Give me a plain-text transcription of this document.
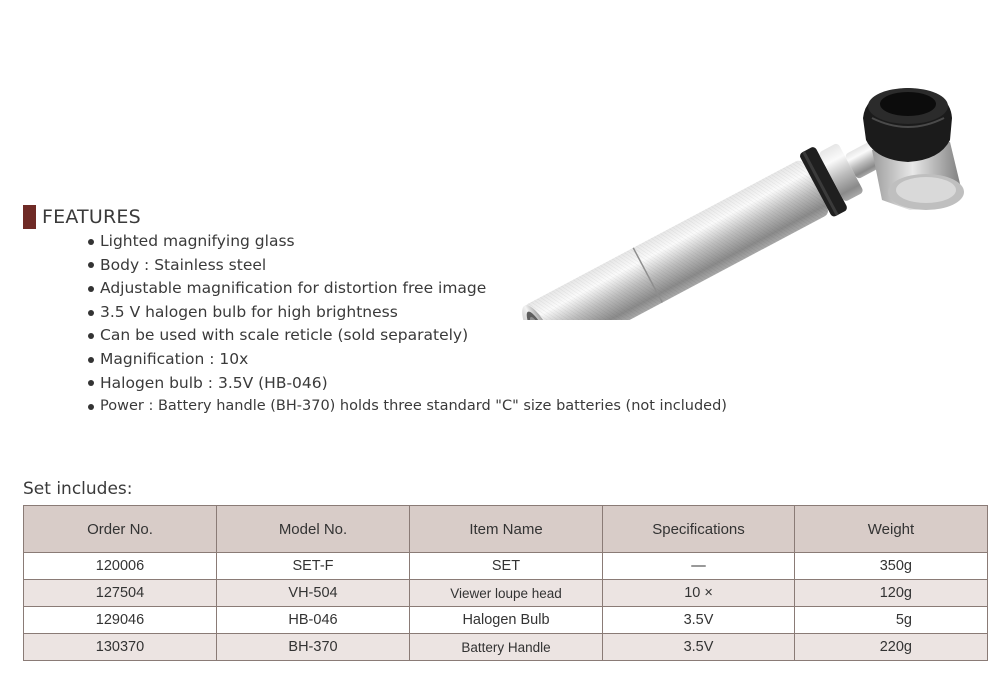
FEATURES
Lighted magnifying glass
Body : Stainless steel
Adjustable magnification for distortion free image
3.5 V halogen bulb for high brightness
Can be used with scale reticle (sold separately)
Magnification : 10x
Halogen bulb : 3.5V (HB-046)
Power : Battery handle (BH-370) holds three standard "C" size batteries (not included)
Set includes:
Order No.	Model No.	Item Name	Specifications	Weight
120006	SET-F	SET	—	350g
127504	VH-504	Viewer loupe head	10 ×	120g
129046	HB-046	Halogen Bulb	3.5V	5g
130370	BH-370	Battery Handle	3.5V	220g
